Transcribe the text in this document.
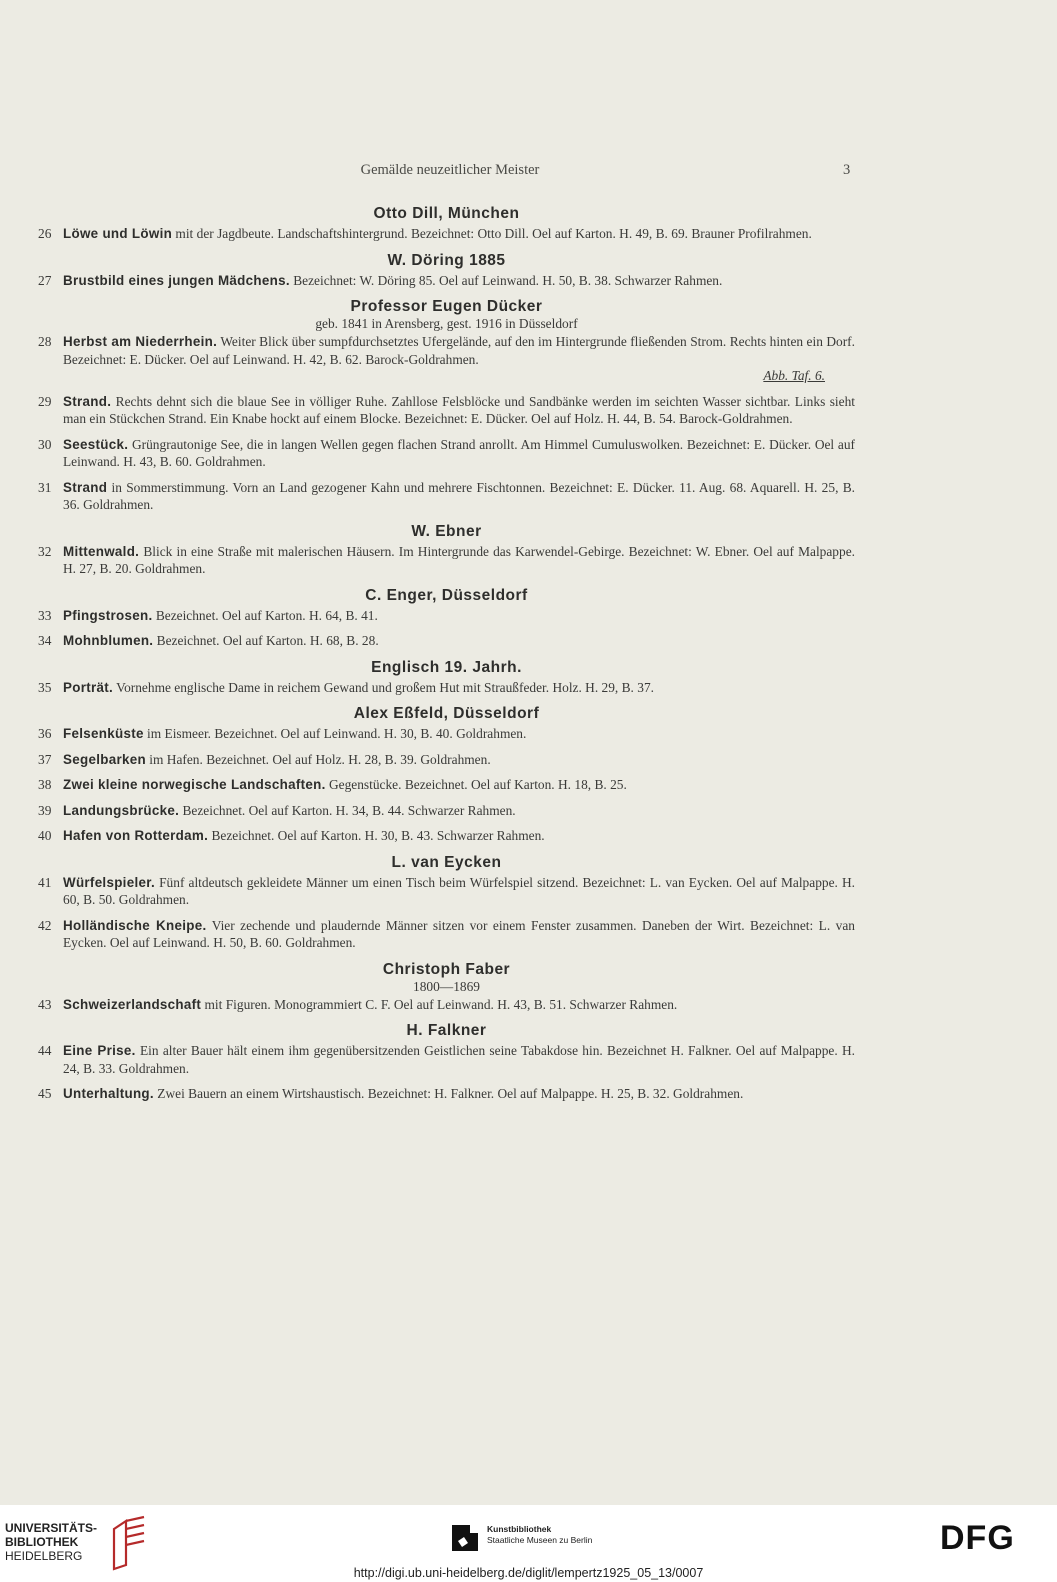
Gemälde neuzeitlicher Meister	3
Otto Dill, München
26 Löwe und Löwin mit der Jagdbeute. Landschaftshintergrund. Bezeichnet: Otto Dill. Oel auf Karton. H. 49, B. 69. Brauner Profilrahmen.
W. Döring 1885
27 Brustbild eines jungen Mädchens. Bezeichnet: W. Döring 85. Oel auf Leinwand. H. 50, B. 38. Schwarzer Rahmen.
Professor Eugen Dücker
geb. 1841 in Arensberg, gest. 1916 in Düsseldorf
28 Herbst am Niederrhein. Weiter Blick über sumpfdurchsetztes Ufergelände, auf den im Hintergrunde fließenden Strom. Rechts hinten ein Dorf. Bezeichnet: E. Dücker. Oel auf Leinwand. H. 42, B. 62. Barock-Goldrahmen.
Abb. Taf. 6.
29 Strand. Rechts dehnt sich die blaue See in völliger Ruhe. Zahllose Felsblöcke und Sandbänke werden im seichten Wasser sichtbar. Links sieht man ein Stückchen Strand. Ein Knabe hockt auf einem Blocke. Bezeichnet: E. Dücker. Oel auf Holz. H. 44, B. 54. Barock-Goldrahmen.
30 Seestück. Grüngrautonige See, die in langen Wellen gegen flachen Strand anrollt. Am Himmel Cumuluswolken. Bezeichnet: E. Dücker. Oel auf Leinwand. H. 43, B. 60. Goldrahmen.
31 Strand in Sommerstimmung. Vorn an Land gezogener Kahn und mehrere Fischtonnen. Bezeichnet: E. Dücker. 11. Aug. 68. Aquarell. H. 25, B. 36. Goldrahmen.
W. Ebner
32 Mittenwald. Blick in eine Straße mit malerischen Häusern. Im Hintergrunde das Karwendel-Gebirge. Bezeichnet: W. Ebner. Oel auf Malpappe. H. 27, B. 20. Goldrahmen.
C. Enger, Düsseldorf
33 Pfingstrosen. Bezeichnet. Oel auf Karton. H. 64, B. 41.
34 Mohnblumen. Bezeichnet. Oel auf Karton. H. 68, B. 28.
Englisch 19. Jahrh.
35 Porträt. Vornehme englische Dame in reichem Gewand und großem Hut mit Straußfeder. Holz. H. 29, B. 37.
Alex Eßfeld, Düsseldorf
36 Felsenküste im Eismeer. Bezeichnet. Oel auf Leinwand. H. 30, B. 40. Goldrahmen.
37 Segelbarken im Hafen. Bezeichnet. Oel auf Holz. H. 28, B. 39. Goldrahmen.
38 Zwei kleine norwegische Landschaften. Gegenstücke. Bezeichnet. Oel auf Karton. H. 18, B. 25.
39 Landungsbrücke. Bezeichnet. Oel auf Karton. H. 34, B. 44. Schwarzer Rahmen.
40 Hafen von Rotterdam. Bezeichnet. Oel auf Karton. H. 30, B. 43. Schwarzer Rahmen.
L. van Eycken
41 Würfelspieler. Fünf altdeutsch gekleidete Männer um einen Tisch beim Würfelspiel sitzend. Bezeichnet: L. van Eycken. Oel auf Malpappe. H. 60, B. 50. Goldrahmen.
42 Holländische Kneipe. Vier zechende und plaudernde Männer sitzen vor einem Fenster zusammen. Daneben der Wirt. Bezeichnet: L. van Eycken. Oel auf Leinwand. H. 50, B. 60. Goldrahmen.
Christoph Faber
1800—1869
43 Schweizerlandschaft mit Figuren. Monogrammiert C. F. Oel auf Leinwand. H. 43, B. 51. Schwarzer Rahmen.
H. Falkner
44 Eine Prise. Ein alter Bauer hält einem ihm gegenübersitzenden Geistlichen seine Tabakdose hin. Bezeichnet H. Falkner. Oel auf Malpappe. H. 24, B. 33. Goldrahmen.
45 Unterhaltung. Zwei Bauern an einem Wirtshaustisch. Bezeichnet: H. Falkner. Oel auf Malpappe. H. 25, B. 32. Goldrahmen.
UNIVERSITÄTS-
BIBLIOTHEK
HEIDELBERG
Kunstbibliothek
Staatliche Museen zu Berlin	DFG
http://digi.ub.uni-heidelberg.de/diglit/lempertz1925_05_13/0007
